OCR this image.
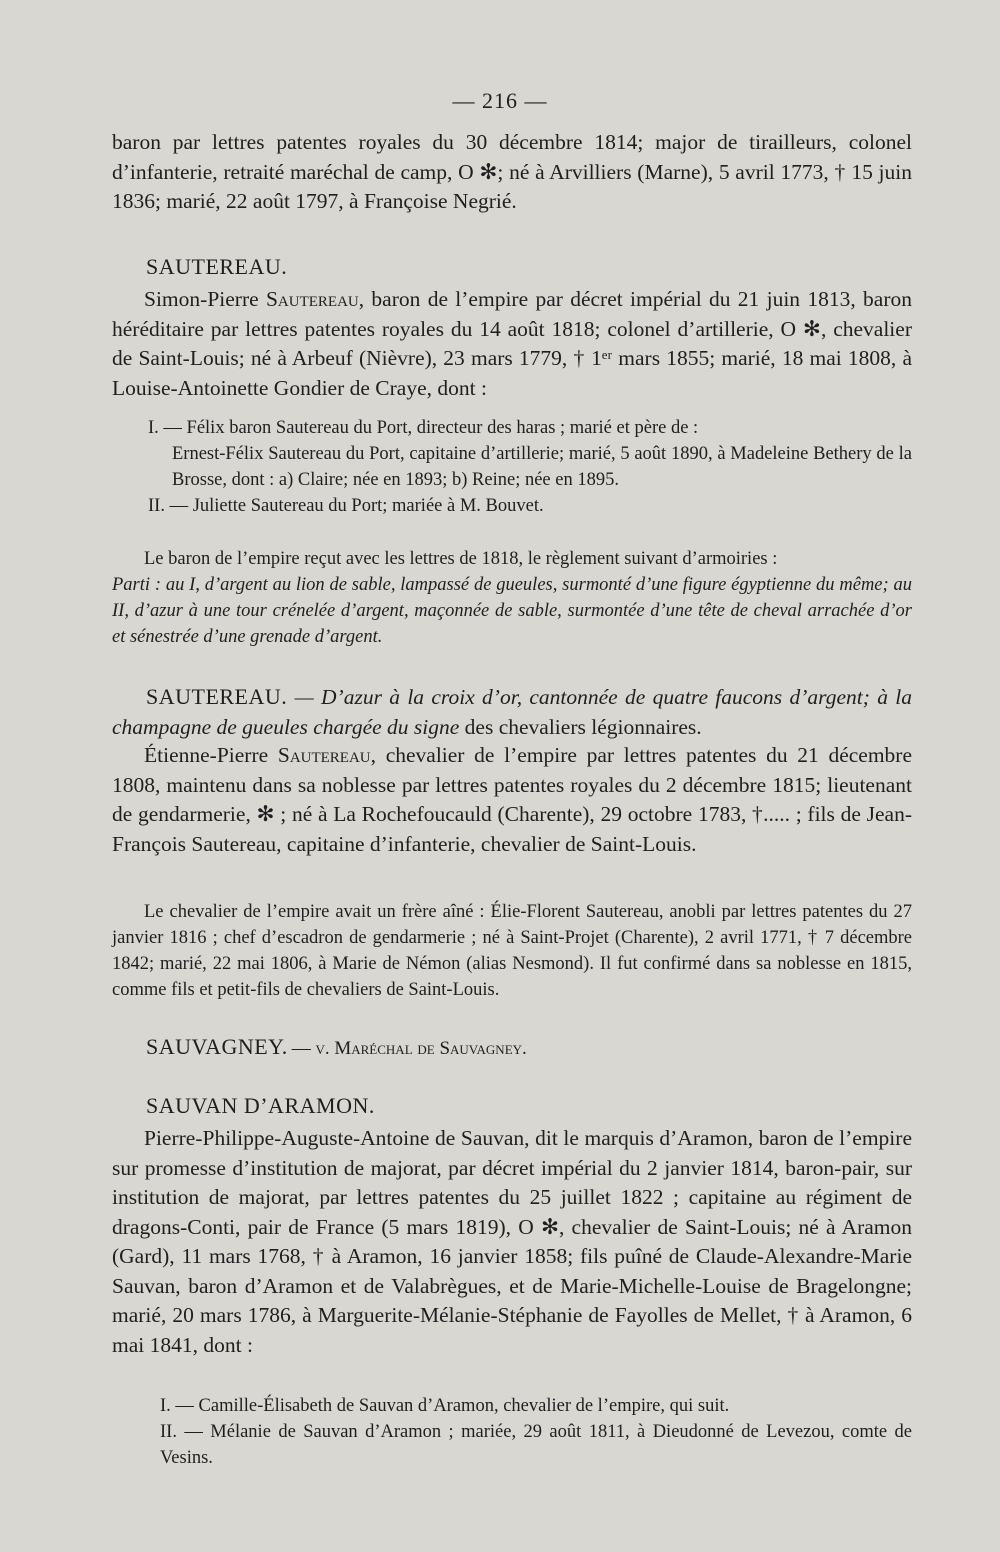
— 216 —
baron par lettres patentes royales du 30 décembre 1814; major de tirailleurs, colonel d’infanterie, retraité maréchal de camp, O ✻; né à Arvilliers (Marne), 5 avril 1773, † 15 juin 1836; marié, 22 août 1797, à Françoise Negrié.
SAUTEREAU.
Simon-Pierre Sautereau, baron de l’empire par décret impérial du 21 juin 1813, baron héréditaire par lettres patentes royales du 14 août 1818; colonel d’artillerie, O ✻, chevalier de Saint-Louis; né à Arbeuf (Nièvre), 23 mars 1779, † 1ᵉʳ mars 1855; marié, 18 mai 1808, à Louise-Antoinette Gondier de Craye, dont :

I. — Félix baron Sautereau du Port, directeur des haras ; marié et père de :

Ernest-Félix Sautereau du Port, capitaine d’artillerie; marié, 5 août 1890, à Madeleine Bethery de la Brosse, dont : a) Claire; née en 1893; b) Reine; née en 1895.

II. — Juliette Sautereau du Port; mariée à M. Bouvet.

Le baron de l’empire reçut avec les lettres de 1818, le règlement suivant d’armoiries :

Parti : au I, d’argent au lion de sable, lampassé de gueules, surmonté d’une figure égyptienne du même; au II, d’azur à une tour crénelée d’argent, maçonnée de sable, surmontée d’une tête de cheval arrachée d’or et sénestrée d’une grenade d’argent.

SAUTEREAU. — D’azur à la croix d’or, cantonnée de quatre faucons d’argent; à la champagne de gueules chargée du signe des chevaliers légionnaires.
Étienne-Pierre Sautereau, chevalier de l’empire par lettres patentes du 21 décembre 1808, maintenu dans sa noblesse par lettres patentes royales du 2 décembre 1815; lieutenant de gendarmerie, ✻ ; né à La Rochefoucauld (Charente), 29 octobre 1783, †..... ; fils de Jean-François Sautereau, capitaine d’infanterie, chevalier de Saint-Louis.
Le chevalier de l’empire avait un frère aîné : Élie-Florent Sautereau, anobli par lettres patentes du 27 janvier 1816 ; chef d’escadron de gendarmerie ; né à Saint-Projet (Charente), 2 avril 1771, † 7 décembre 1842; marié, 22 mai 1806, à Marie de Némon (alias Nesmond). Il fut confirmé dans sa noblesse en 1815, comme fils et petit-fils de chevaliers de Saint-Louis.
SAUVAGNEY. — v. Maréchal de Sauvagney.
SAUVAN D’ARAMON.
Pierre-Philippe-Auguste-Antoine de Sauvan, dit le marquis d’Aramon, baron de l’empire sur promesse d’institution de majorat, par décret impérial du 2 janvier 1814, baron-pair, sur institution de majorat, par lettres patentes du 25 juillet 1822 ; capitaine au régiment de dragons-Conti, pair de France (5 mars 1819), O ✻, chevalier de Saint-Louis; né à Aramon (Gard), 11 mars 1768, † à Aramon, 16 janvier 1858; fils puîné de Claude-Alexandre-Marie Sauvan, baron d’Aramon et de Valabrègues, et de Marie-Michelle-Louise de Bragelongne; marié, 20 mars 1786, à Marguerite-Mélanie-Stéphanie de Fayolles de Mellet, † à Aramon, 6 mai 1841, dont :

I. — Camille-Élisabeth de Sauvan d’Aramon, chevalier de l’empire, qui suit.

II. — Mélanie de Sauvan d’Aramon ; mariée, 29 août 1811, à Dieudonné de Levezou, comte de Vesins.
